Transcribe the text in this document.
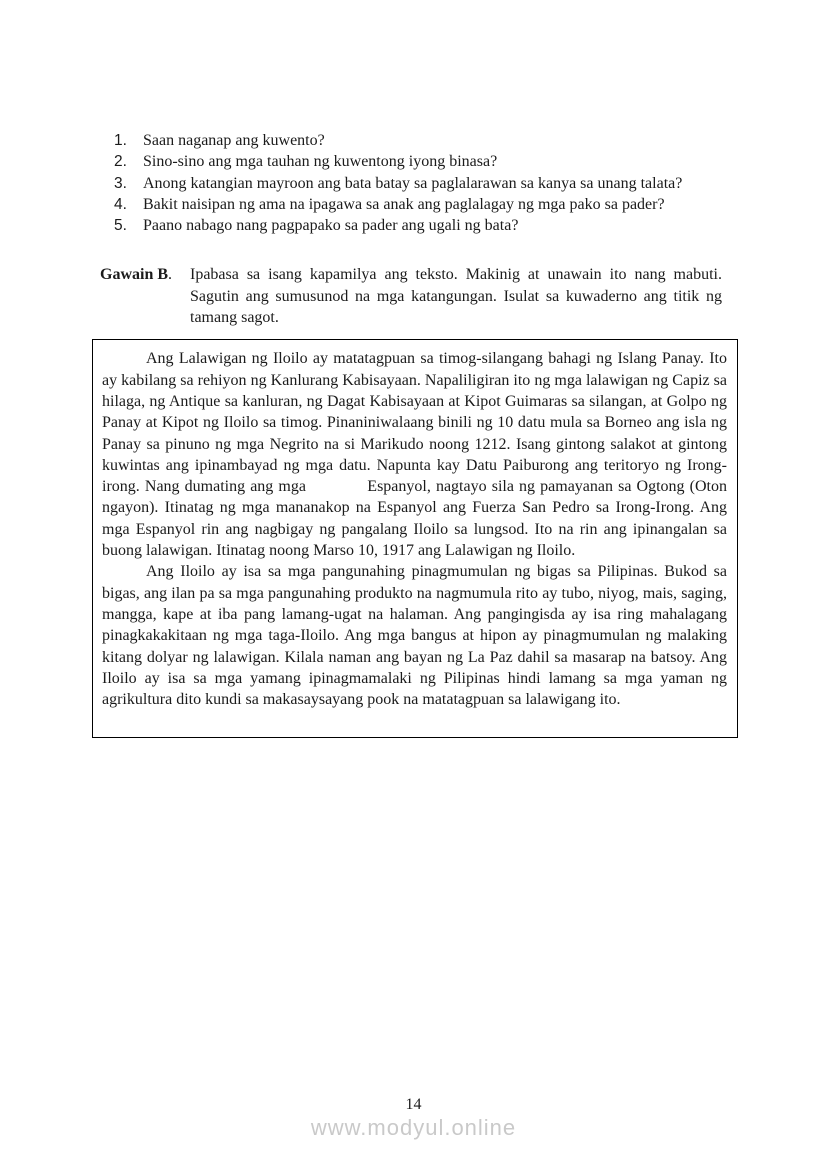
1.	Saan naganap ang kuwento?
2.	Sino-sino ang mga tauhan ng kuwentong iyong binasa?
3.	Anong katangian mayroon ang bata batay sa paglalarawan sa kanya sa unang talata?
4.	Bakit naisipan ng ama na ipagawa sa anak ang paglalagay ng mga pako sa pader?
5.	Paano nabago nang pagpapako sa pader ang ugali ng bata?
Gawain B.	Ipabasa sa isang kapamilya ang teksto. Makinig at unawain ito nang mabuti. Sagutin ang sumusunod na mga katangungan. Isulat sa kuwaderno ang titik ng tamang sagot.

Ang Lalawigan ng Iloilo ay matatagpuan sa timog-silangang bahagi ng Islang Panay. Ito ay kabilang sa rehiyon ng Kanlurang Kabisayaan. Napaliligiran ito ng mga lalawigan ng Capiz sa hilaga, ng Antique sa kanluran, ng Dagat Kabisayaan at Kipot Guimaras sa silangan, at Golpo ng Panay at Kipot ng Iloilo sa timog. Pinaniniwalaang binili ng 10 datu mula sa Borneo ang isla ng Panay sa pinuno ng mga Negrito na si Marikudo noong 1212. Isang gintong salakot at gintong kuwintas ang ipinambayad ng mga datu. Napunta kay Datu Paiburong ang teritoryo ng Irong-irong. Nang dumating ang mga            Espanyol, nagtayo sila ng pamayanan sa Ogtong (Oton ngayon). Itinatag ng mga mananakop na Espanyol ang Fuerza San Pedro sa Irong-Irong. Ang mga Espanyol rin ang nagbigay ng pangalang Iloilo sa lungsod. Ito na rin ang ipinangalan sa buong lalawigan. Itinatag noong Marso 10, 1917 ang Lalawigan ng Iloilo.

Ang Iloilo ay isa sa mga pangunahing pinagmumulan ng bigas sa Pilipinas. Bukod sa bigas, ang ilan pa sa mga pangunahing produkto na nagmumula rito ay tubo, niyog, mais, saging, mangga, kape at iba pang lamang-ugat na halaman. Ang pangingisda ay isa ring mahalagang pinagkakakitaan ng mga taga-Iloilo. Ang mga bangus at hipon ay pinagmumulan ng malaking kitang dolyar ng lalawigan. Kilala naman ang bayan ng La Paz dahil sa masarap na batsoy. Ang Iloilo ay isa sa mga yamang ipinagmamalaki ng Pilipinas hindi lamang sa mga yaman ng agrikultura dito kundi sa makasaysayang pook na matatagpuan sa lalawigang ito.

14
www.modyul.online
